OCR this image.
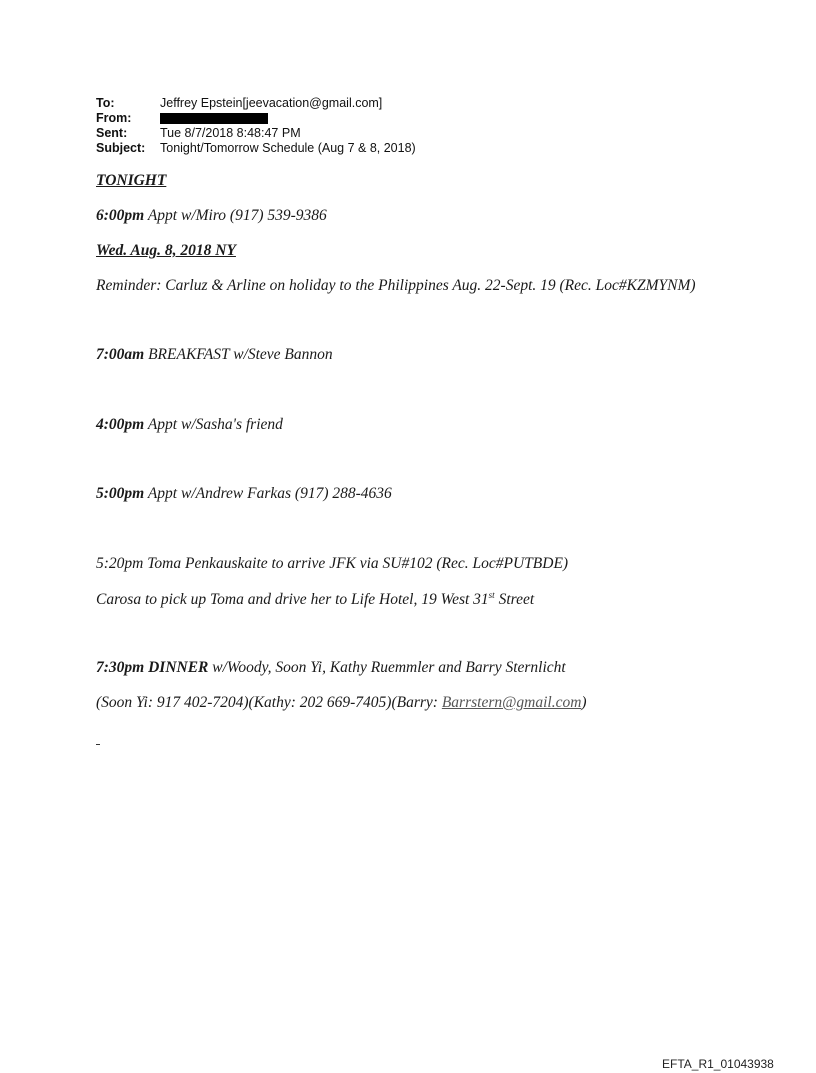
To:	Jeffrey Epstein[jeevacation@gmail.com]
From:
Sent:	Tue 8/7/2018 8:48:47 PM
Subject:	Tonight/Tomorrow Schedule (Aug 7 & 8, 2018)
TONIGHT
6:00pm Appt w/Miro (917) 539-9386
Wed. Aug. 8, 2018 NY
Reminder: Carluz & Arline on holiday to the Philippines Aug. 22-Sept. 19 (Rec. Loc#KZMYNM)
7:00am BREAKFAST w/Steve Bannon
4:00pm Appt w/Sasha's friend
5:00pm Appt w/Andrew Farkas (917) 288-4636
5:20pm Toma Penkauskaite to arrive JFK via SU#102 (Rec. Loc#PUTBDE)
Carosa to pick up Toma and drive her to Life Hotel, 19 West 31st Street
7:30pm DINNER w/Woody, Soon Yi, Kathy Ruemmler and Barry Sternlicht
(Soon Yi: 917 402-7204)(Kathy: 202 669-7405)(Barry: Barrstern@gmail.com)
EFTA_R1_01043938
